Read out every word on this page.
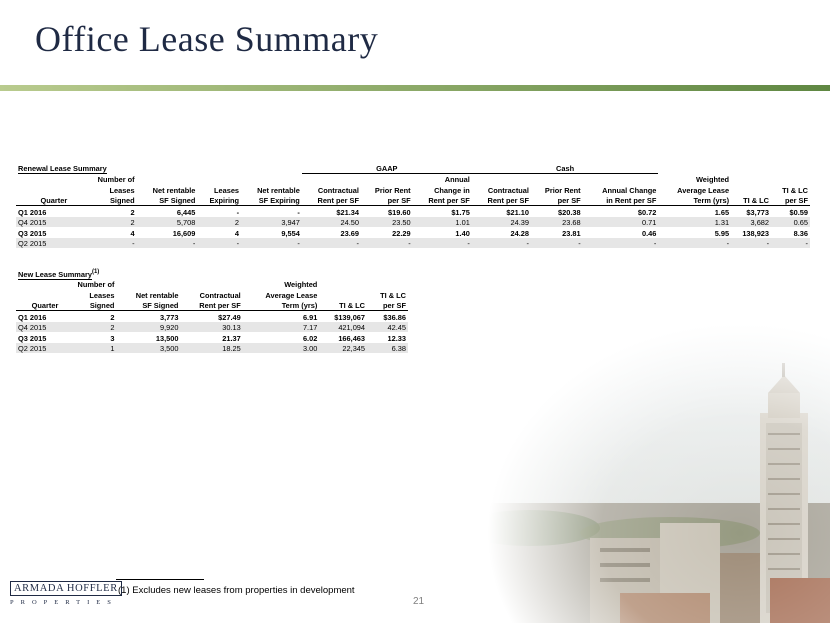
Office Lease Summary
Renewal Lease Summary					GAAP			Cash					
	Number of						Annual				Weighted		
	Leases	Net rentable	Leases	Net rentable	Contractual	Prior Rent	Change in	Contractual	Prior Rent	Annual Change	Average Lease		TI & LC
Quarter	Signed	SF Signed	Expiring	SF Expiring	Rent per SF	per SF	Rent per SF	Rent per SF	per SF	in Rent per SF	Term (yrs)	TI & LC	per SF
Q1 2016	2	6,445	-	-	$21.34	$19.60	$1.75	$21.10	$20.38	$0.72	1.65	$3,773	$0.59
Q4 2015	2	5,708	2	3,947	24.50	23.50	1.01	24.39	23.68	0.71	1.31	3,682	0.65
Q3 2015	4	16,609	4	9,554	23.69	22.29	1.40	24.28	23.81	0.46	5.95	138,923	8.36
Q2 2015	-	-	-	-	-	-	-	-	-	-	-	-	-
New Lease Summary$^{(1)}$	
	Number of			Weighted		
	Leases	Net rentable	Contractual	Average Lease		TI & LC
Quarter	Signed	SF Signed	Rent per SF	Term (yrs)	TI & LC	per SF
Q1 2016	2	3,773	$27.49	6.91	$139,067	$36.86
Q4 2015	2	9,920	30.13	7.17	421,094	42.45
Q3 2015	3	13,500	21.37	6.02	166,463	12.33
Q2 2015	1	3,500	18.25	3.00	22,345	6.38
ARMADA HOFFLER
PROPERTIES
(1) Excludes new leases from properties in development
21
